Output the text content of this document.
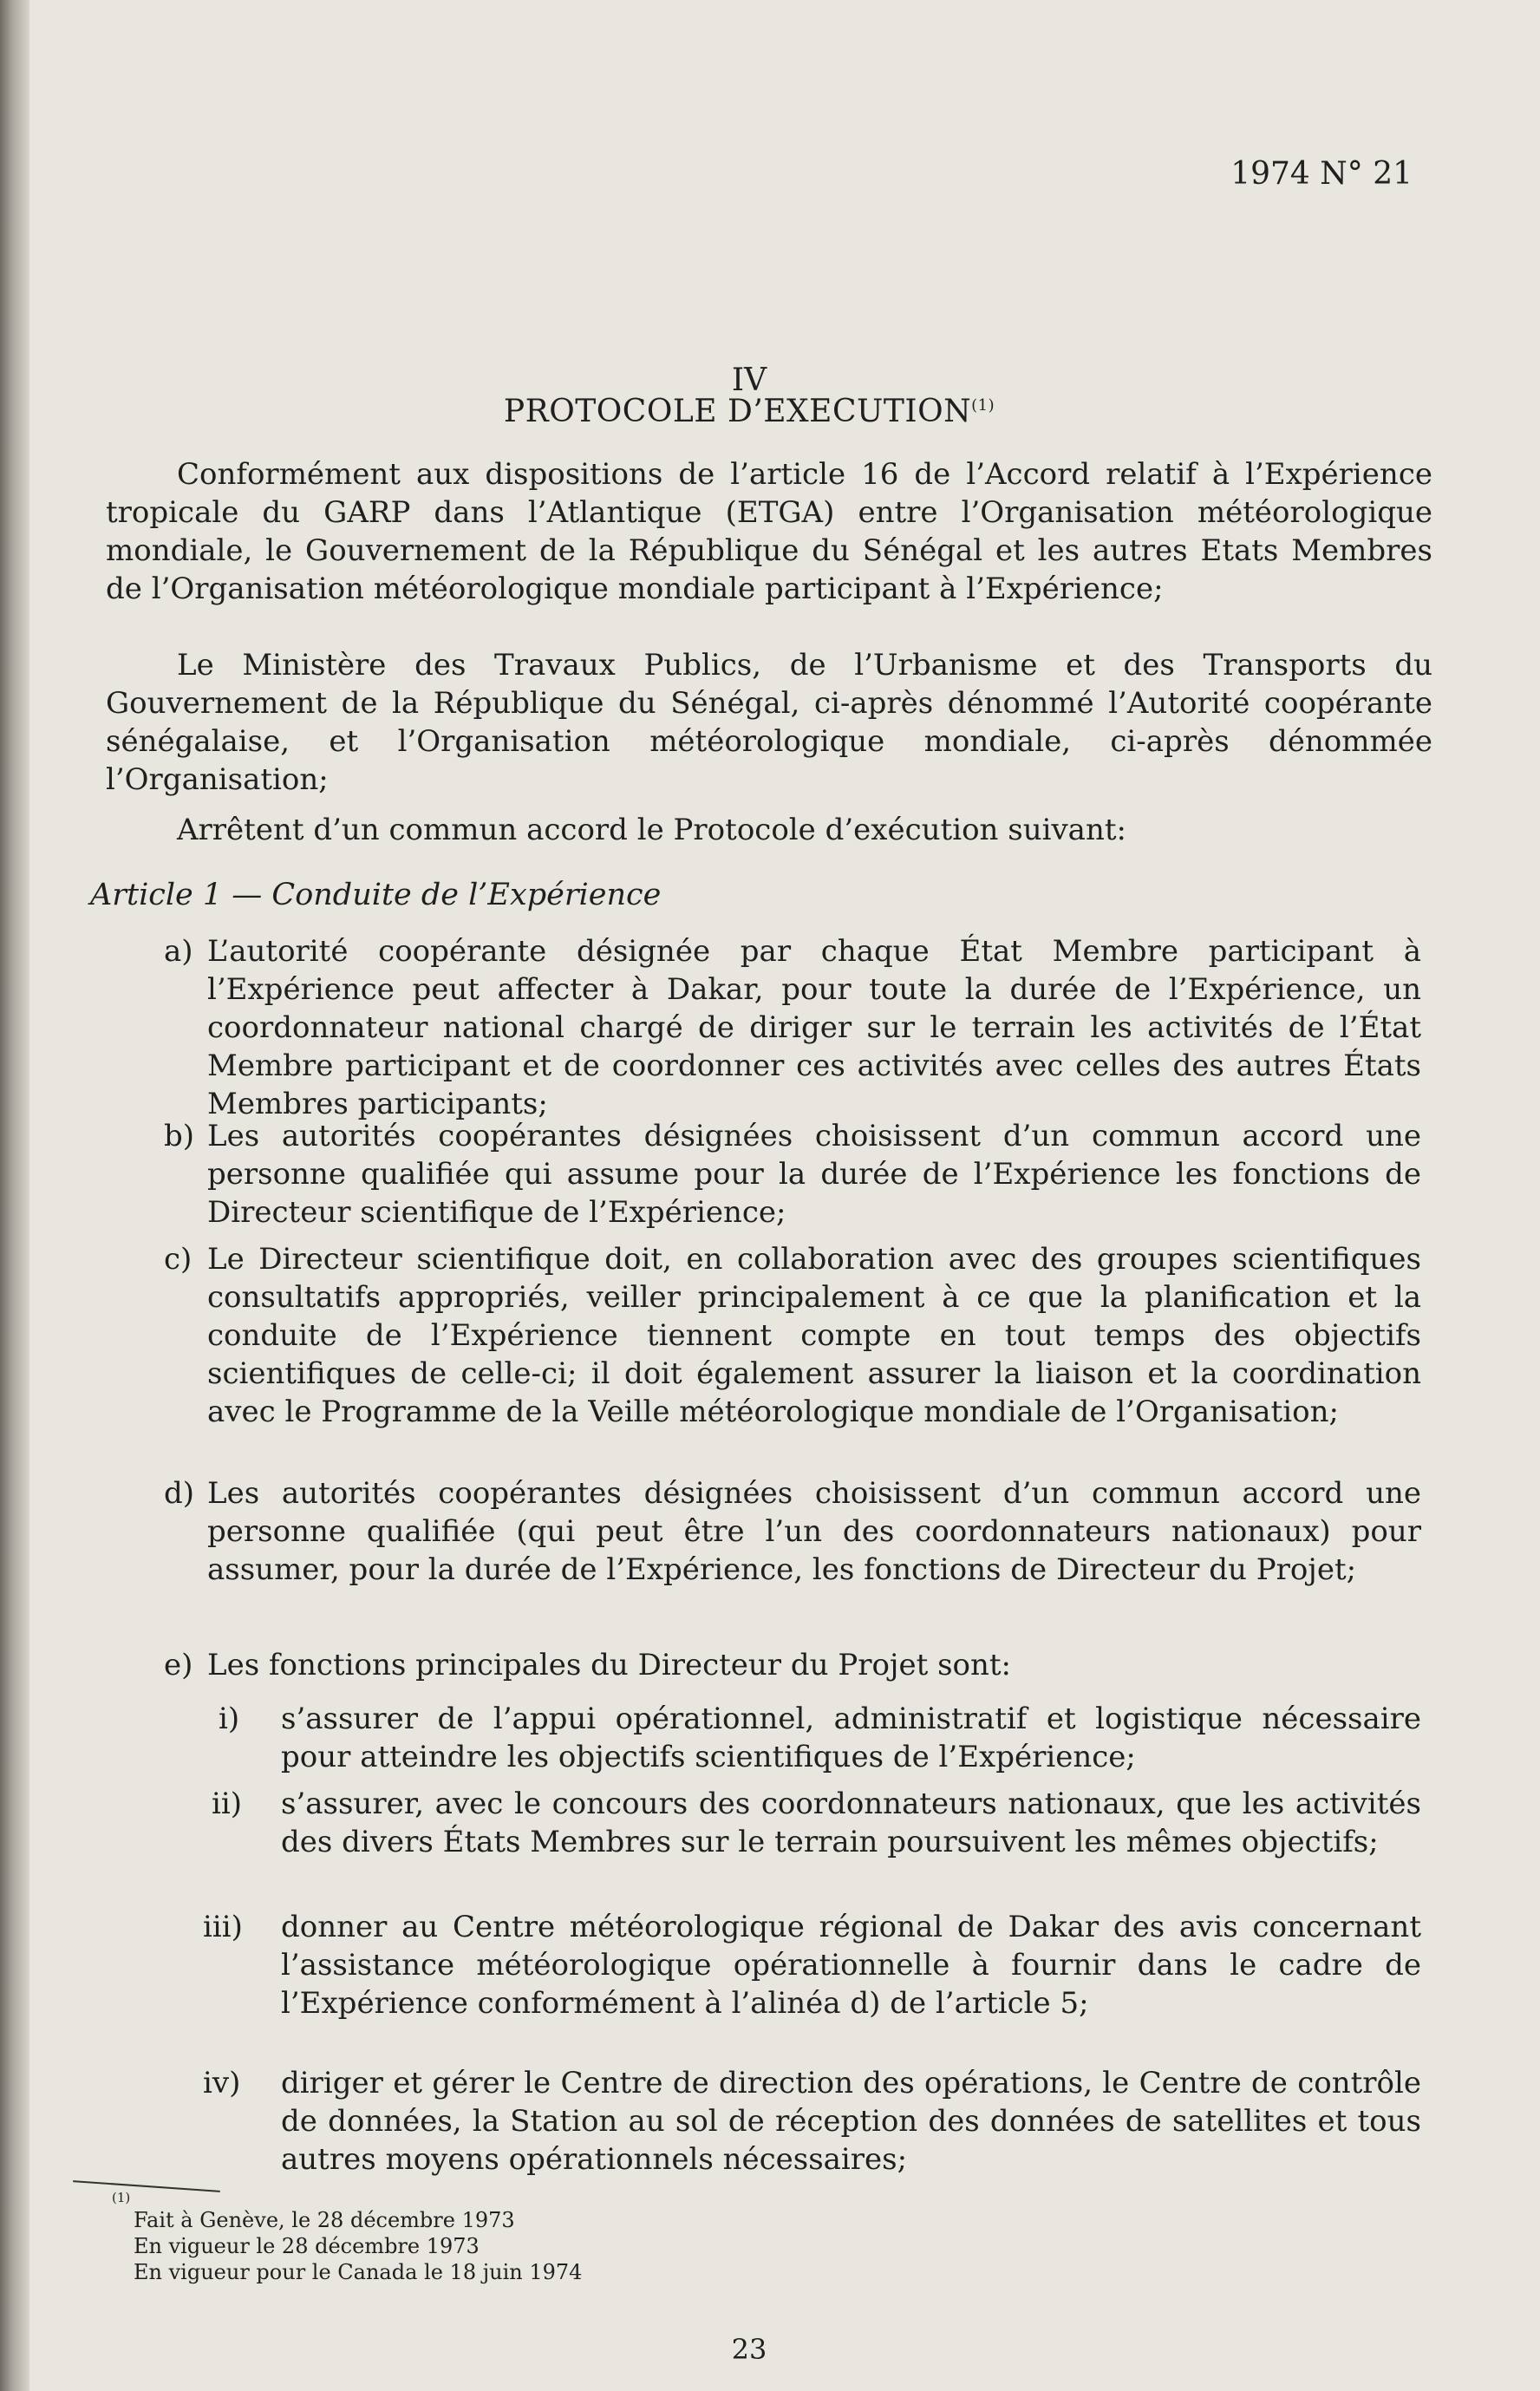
1974 N° 21
IV
PROTOCOLE D’EXECUTION$^{(1)}$
Conformément aux dispositions de l’article 16 de l’Accord relatif à l’Expérience tropicale du GARP dans l’Atlantique (ETGA) entre l’Organisation météorologique mondiale, le Gouvernement de la République du Sénégal et les autres Etats Membres de l’Organisation météorologique mondiale participant à l’Expérience;
Le Ministère des Travaux Publics, de l’Urbanisme et des Transports du Gouvernement de la République du Sénégal, ci-après dénommé l’Autorité coopérante sénégalaise, et l’Organisation météorologique mondiale, ci-après dénommée l’Organisation;
Arrêtent d’un commun accord le Protocole d’exécution suivant:
Article 1 — Conduite de l’Expérience
a) L’autorité coopérante désignée par chaque État Membre participant à l’Expérience peut affecter à Dakar, pour toute la durée de l’Expérience, un coordonnateur national chargé de diriger sur le terrain les activités de l’État Membre participant et de coordonner ces activités avec celles des autres États Membres participants;
b) Les autorités coopérantes désignées choisissent d’un commun accord une personne qualifiée qui assume pour la durée de l’Expérience les fonctions de Directeur scientifique de l’Expérience;
c) Le Directeur scientifique doit, en collaboration avec des groupes scientifiques consultatifs appropriés, veiller principalement à ce que la planification et la conduite de l’Expérience tiennent compte en tout temps des objectifs scientifiques de celle-ci; il doit également assurer la liaison et la coordination avec le Programme de la Veille météorologique mondiale de l’Organisation;
d) Les autorités coopérantes désignées choisissent d’un commun accord une personne qualifiée (qui peut être l’un des coordonnateurs nationaux) pour assumer, pour la durée de l’Expérience, les fonctions de Directeur du Projet;
e) Les fonctions principales du Directeur du Projet sont:
i) s’assurer de l’appui opérationnel, administratif et logistique nécessaire pour atteindre les objectifs scientifiques de l’Expérience;
ii) s’assurer, avec le concours des coordonnateurs nationaux, que les activités des divers États Membres sur le terrain poursuivent les mêmes objectifs;
iii) donner au Centre météorologique régional de Dakar des avis concernant l’assistance météorologique opérationnelle à fournir dans le cadre de l’Expérience conformément à l’alinéa d) de l’article 5;
iv) diriger et gérer le Centre de direction des opérations, le Centre de contrôle de données, la Station au sol de réception des données de satellites et tous autres moyens opérationnels nécessaires;
(1)
Fait à Genève, le 28 décembre 1973
En vigueur le 28 décembre 1973
En vigueur pour le Canada le 18 juin 1974
23
